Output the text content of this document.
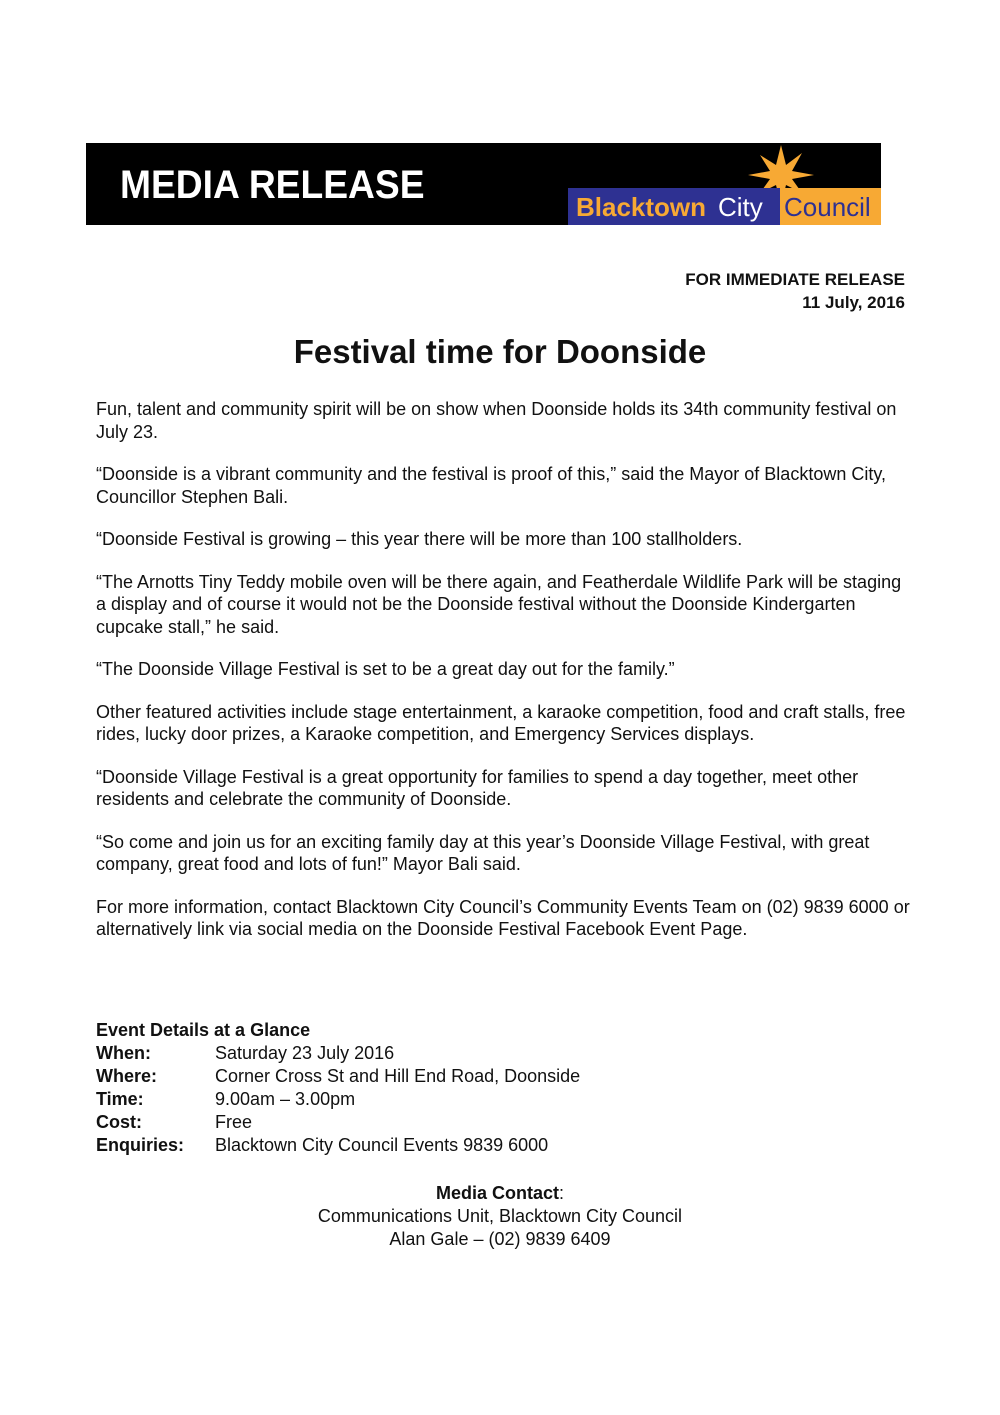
MEDIA RELEASE	Blacktown City Council
FOR IMMEDIATE RELEASE
11 July, 2016
Festival time for Doonside

Fun, talent and community spirit will be on show when Doonside holds its 34th community festival on July 23.

“Doonside is a vibrant community and the festival is proof of this,” said the Mayor of Blacktown City, Councillor Stephen Bali.

“Doonside Festival is growing – this year there will be more than 100 stallholders.

“The Arnotts Tiny Teddy mobile oven will be there again, and Featherdale Wildlife Park will be staging a display and of course it would not be the Doonside festival without the Doonside Kindergarten cupcake stall,” he said.

“The Doonside Village Festival is set to be a great day out for the family.”

Other featured activities include stage entertainment, a karaoke competition, food and craft stalls, free rides, lucky door prizes, a Karaoke competition, and Emergency Services displays.

“Doonside Village Festival is a great opportunity for families to spend a day together, meet other residents and celebrate the community of Doonside.

“So come and join us for an exciting family day at this year’s Doonside Village Festival, with great company, great food and lots of fun!” Mayor Bali said.

For more information, contact Blacktown City Council’s Community Events Team on (02) 9839 6000 or alternatively link via social media on the Doonside Festival Facebook Event Page.

Event Details at a Glance
When:	Saturday 23 July 2016
Where:	Corner Cross St and Hill End Road, Doonside
Time:	9.00am – 3.00pm
Cost:	Free
Enquiries:	Blacktown City Council Events 9839 6000
Media Contact:
Communications Unit, Blacktown City Council
Alan Gale – (02) 9839 6409
